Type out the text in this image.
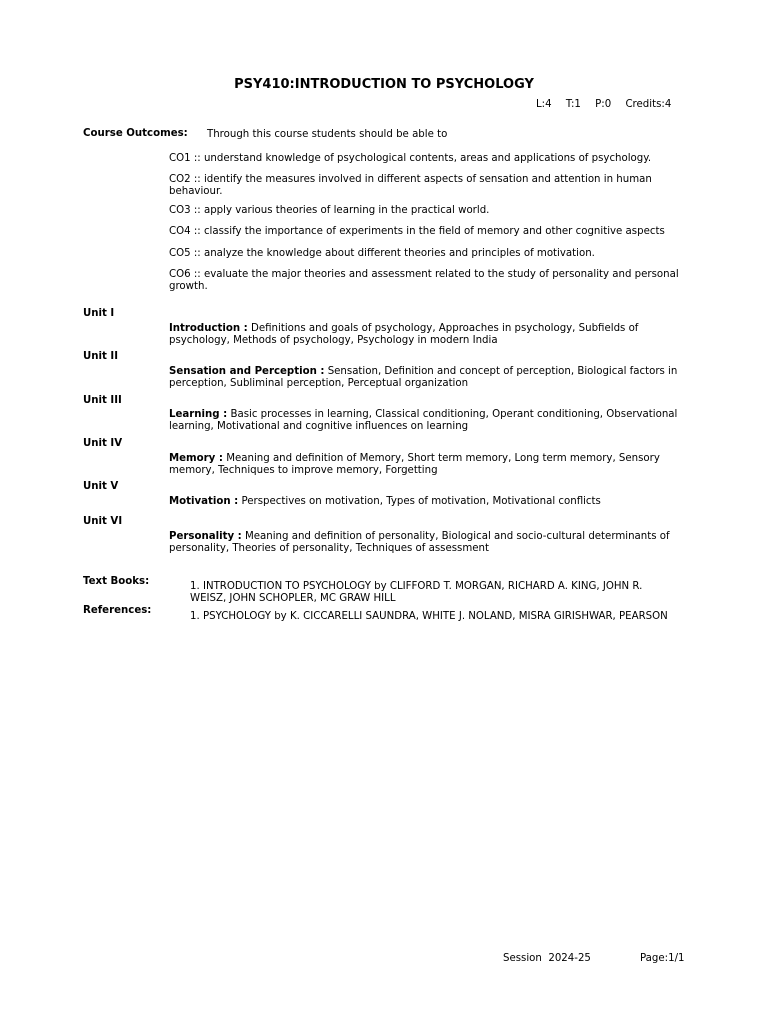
PSY410:INTRODUCTION TO PSYCHOLOGY
L:4 T:1 P:0 Credits:4
Course Outcomes: Through this course students should be able to
CO1 :: understand knowledge of psychological contents, areas and applications of psychology.
CO2 :: identify the measures involved in different aspects of sensation and attention in human behaviour.
CO3 :: apply various theories of learning in the practical world.
CO4 :: classify the importance of experiments in the field of memory and other cognitive aspects
CO5 :: analyze the knowledge about different theories and principles of motivation.
CO6 :: evaluate the major theories and assessment related to the study of personality and personal growth.
Unit I
Introduction : Definitions and goals of psychology, Approaches in psychology, Subfields of psychology, Methods of psychology, Psychology in modern India
Unit II
Sensation and Perception : Sensation, Definition and concept of perception, Biological factors in perception, Subliminal perception, Perceptual organization
Unit III
Learning : Basic processes in learning, Classical conditioning, Operant conditioning, Observational learning, Motivational and cognitive influences on learning
Unit IV
Memory : Meaning and definition of Memory, Short term memory, Long term memory, Sensory memory, Techniques to improve memory, Forgetting
Unit V
Motivation : Perspectives on motivation, Types of motivation, Motivational conflicts
Unit VI
Personality : Meaning and definition of personality, Biological and socio-cultural determinants of personality, Theories of personality, Techniques of assessment
Text Books:	1. INTRODUCTION TO PSYCHOLOGY by CLIFFORD T. MORGAN, RICHARD A. KING, JOHN R. WEISZ, JOHN SCHOPLER, MC GRAW HILL
References:
1. PSYCHOLOGY by K. CICCARELLI SAUNDRA, WHITE J. NOLAND, MISRA GIRISHWAR, PEARSON
Session  2024-25	Page:1/1
